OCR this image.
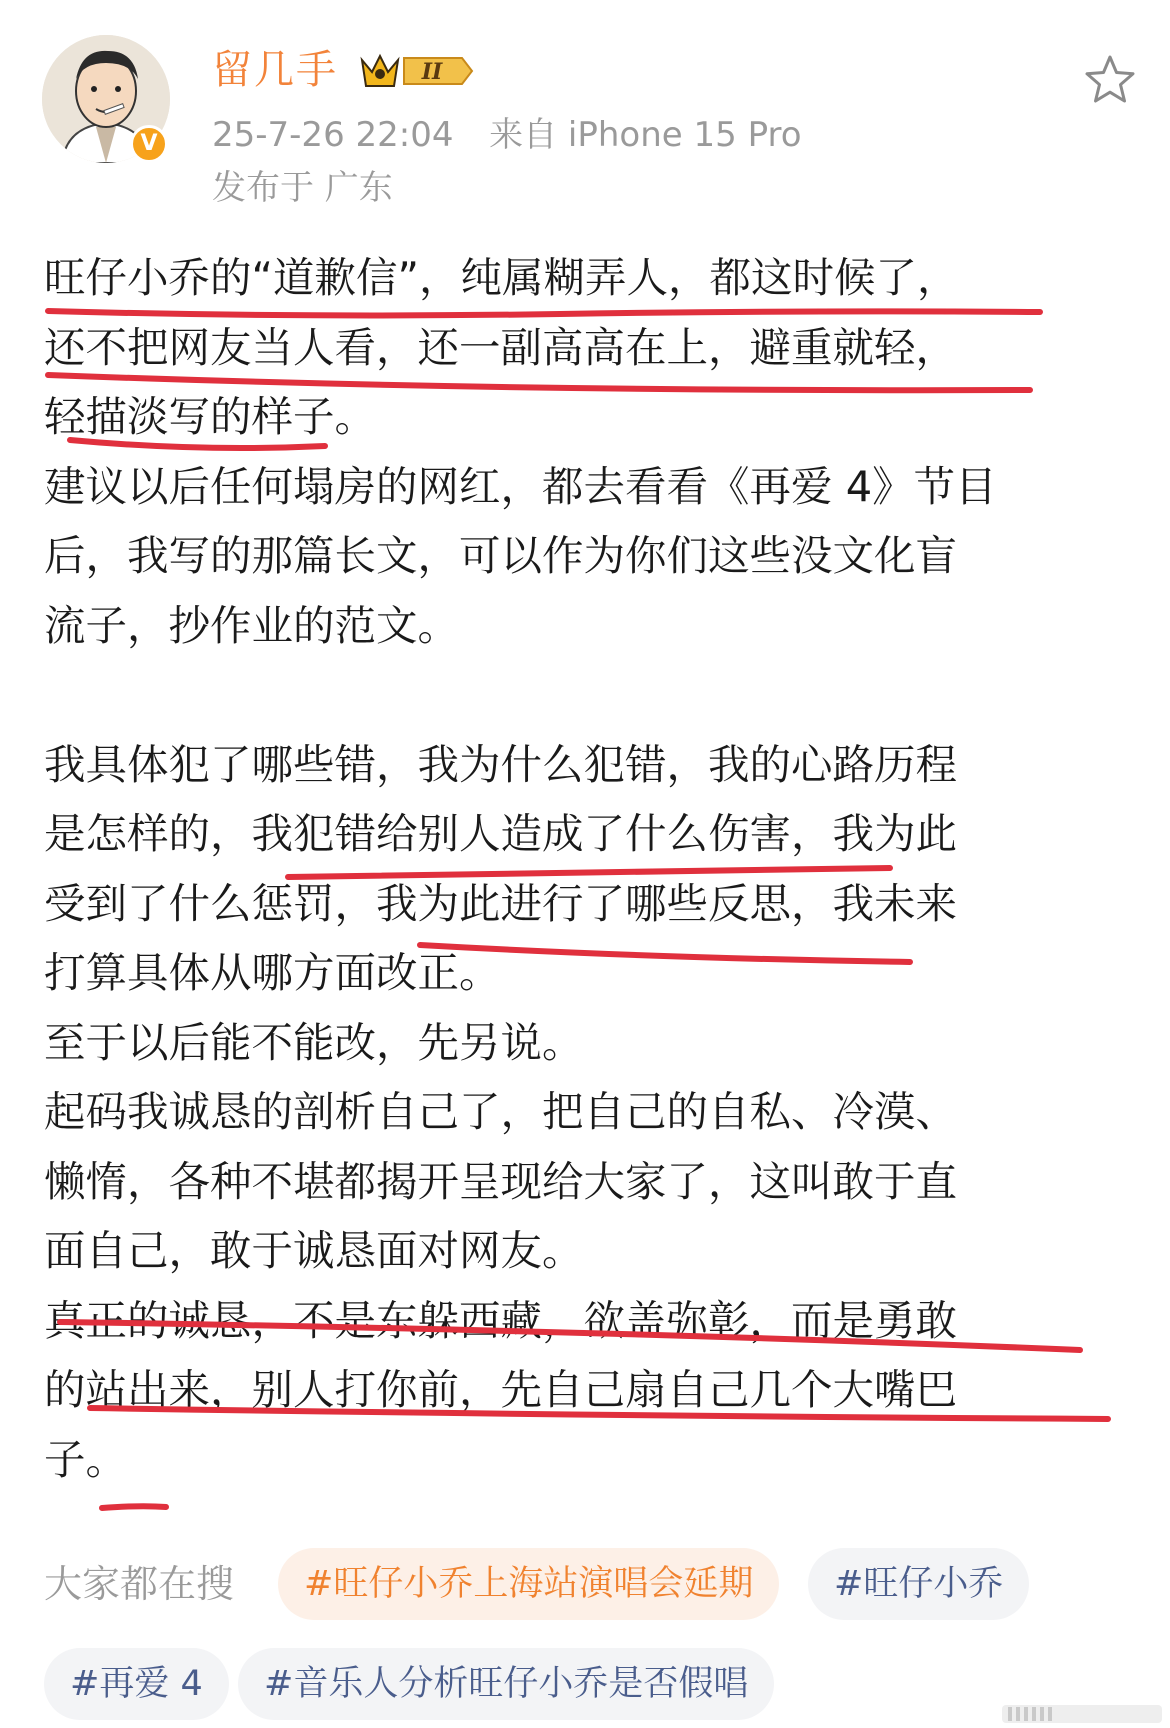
V
留几手	II
25-7-26 22:04 来自 iPhone 15 Pro
发布于 广东

旺仔小乔的“道歉信”，纯属糊弄人，都这时候了，

还不把网友当人看，还一副高高在上，避重就轻，

轻描淡写的样子。

建议以后任何塌房的网红，都去看看《再爱 4》节目

后，我写的那篇长文，可以作为你们这些没文化盲

流子，抄作业的范文。

我具体犯了哪些错，我为什么犯错，我的心路历程

是怎样的，我犯错给别人造成了什么伤害，我为此

受到了什么惩罚，我为此进行了哪些反思，我未来

打算具体从哪方面改正。

至于以后能不能改，先另说。

起码我诚恳的剖析自己了，把自己的自私、冷漠、

懒惰，各种不堪都揭开呈现给大家了，这叫敢于直

面自己，敢于诚恳面对网友。

真正的诚恳，不是东躲西藏，欲盖弥彰，而是勇敢

的站出来，别人打你前，先自己扇自己几个大嘴巴

子。

大家都在搜	#旺仔小乔上海站演唱会延期	#旺仔小乔
#再爱 4	#音乐人分析旺仔小乔是否假唱
